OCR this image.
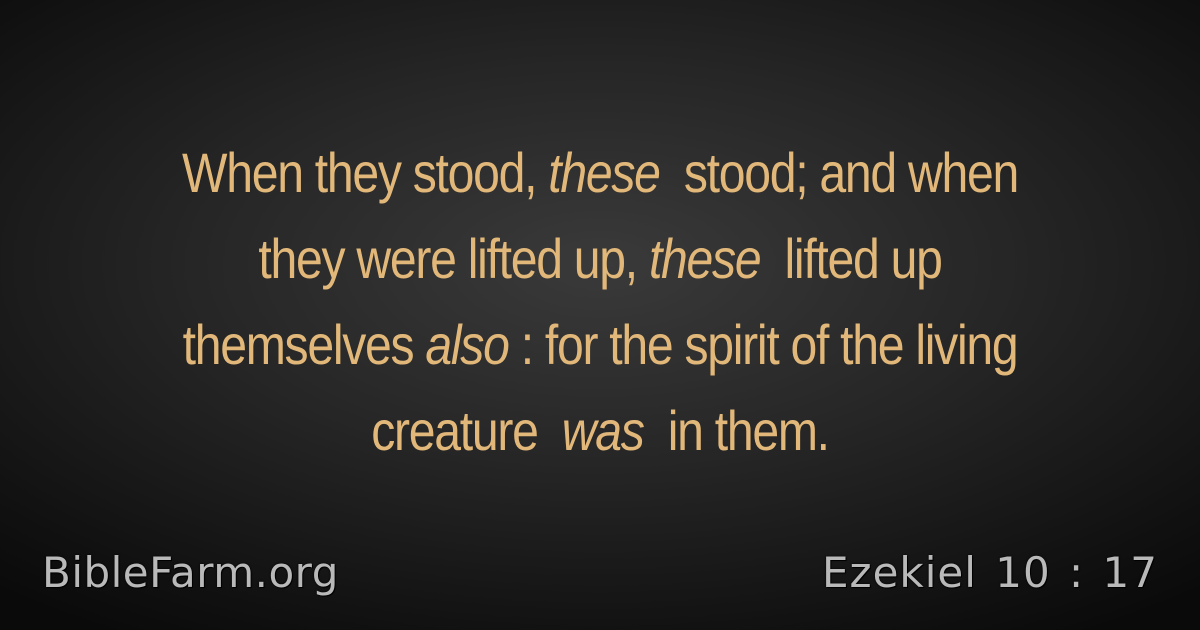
When they stood, these  stood; and when
they were lifted up, these  lifted up
themselves also : for the spirit of the living
creature  was  in them.
BibleFarm.org	Ezekiel 10 : 17
